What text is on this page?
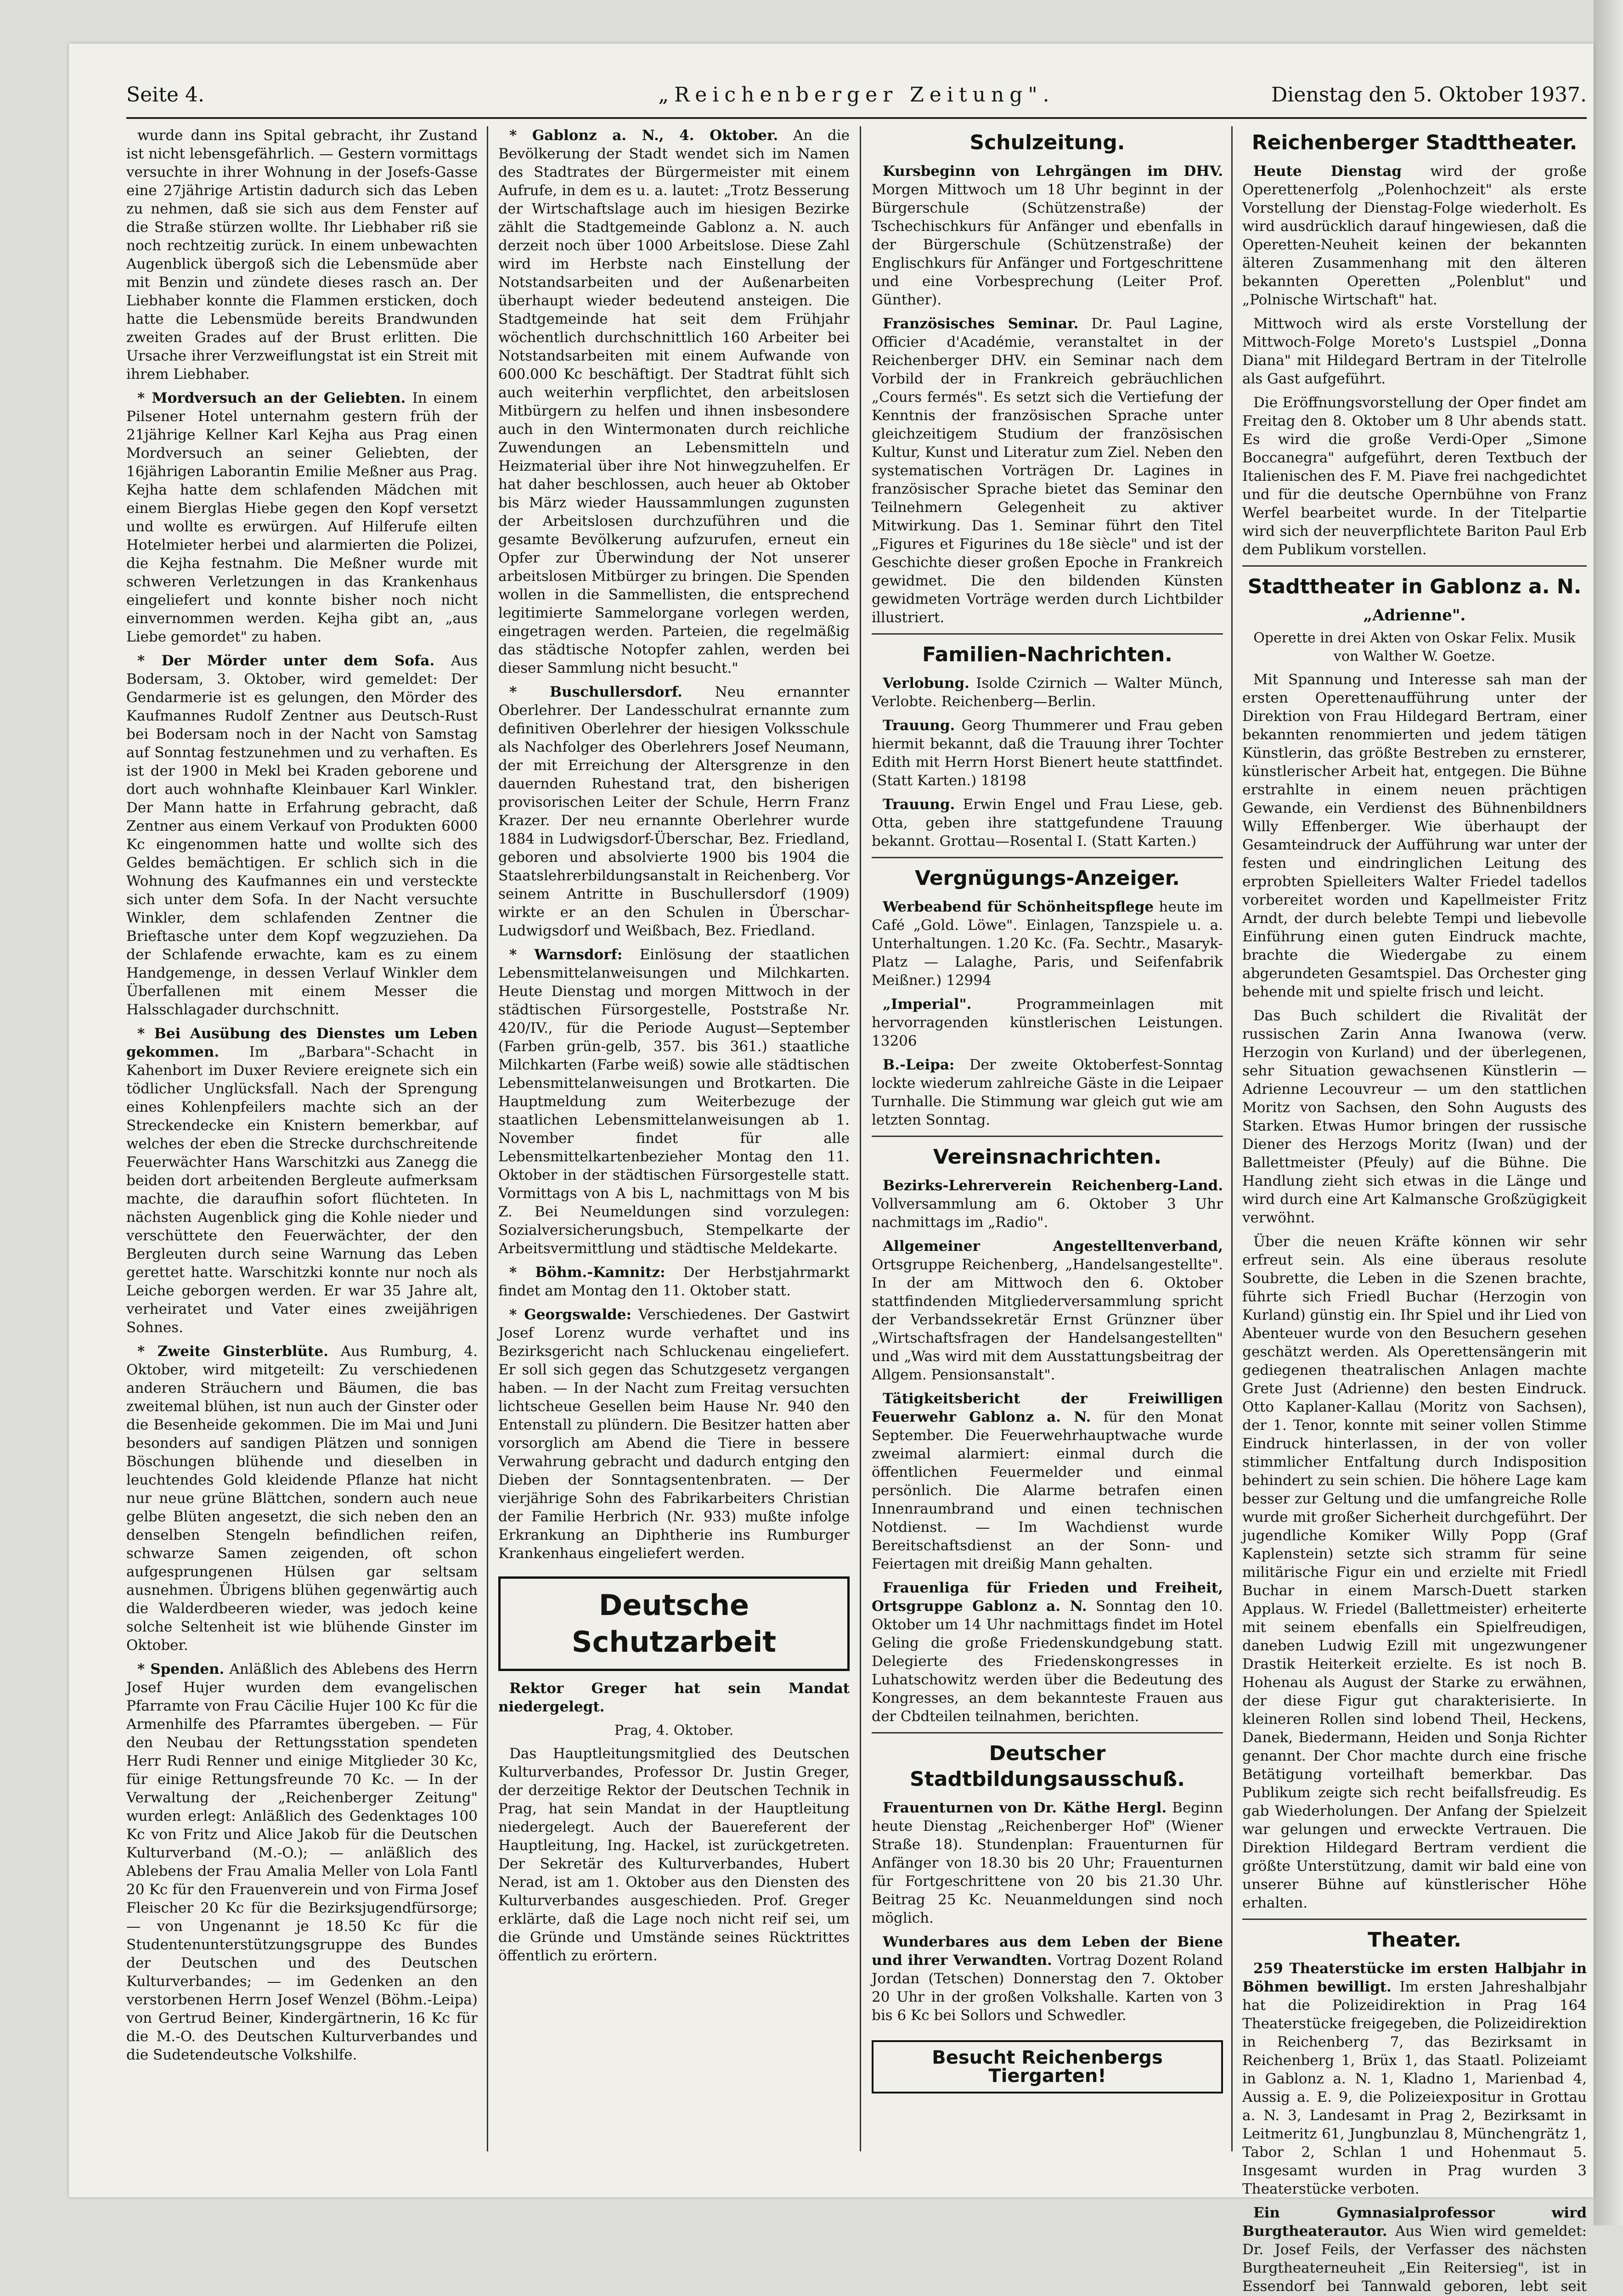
Seite 4.	„Reichenberger Zeitung".	Dienstag den 5. Oktober 1937.

wurde dann ins Spital gebracht, ihr Zustand ist nicht lebensgefährlich. — Gestern vormittags versuchte in ihrer Wohnung in der Josefs-Gasse eine 27jährige Artistin dadurch sich das Leben zu nehmen, daß sie sich aus dem Fenster auf die Straße stürzen wollte. Ihr Liebhaber riß sie noch rechtzeitig zurück. In einem unbewachten Augenblick übergoß sich die Lebensmüde aber mit Benzin und zündete dieses rasch an. Der Liebhaber konnte die Flammen ersticken, doch hatte die Lebensmüde bereits Brandwunden zweiten Grades auf der Brust erlitten. Die Ursache ihrer Verzweiflungstat ist ein Streit mit ihrem Liebhaber.

* Mordversuch an der Geliebten. In einem Pilsener Hotel unternahm gestern früh der 21jährige Kellner Karl Kejha aus Prag einen Mordversuch an seiner Geliebten, der 16jährigen Laborantin Emilie Meßner aus Prag. Kejha hatte dem schlafenden Mädchen mit einem Bierglas Hiebe gegen den Kopf versetzt und wollte es erwürgen. Auf Hilferufe eilten Hotelmieter herbei und alarmierten die Polizei, die Kejha festnahm. Die Meßner wurde mit schweren Verletzungen in das Krankenhaus eingeliefert und konnte bisher noch nicht einvernommen werden. Kejha gibt an, „aus Liebe gemordet" zu haben.

* Der Mörder unter dem Sofa. Aus Bodersam, 3. Oktober, wird gemeldet: Der Gendarmerie ist es gelungen, den Mörder des Kaufmannes Rudolf Zentner aus Deutsch-Rust bei Bodersam noch in der Nacht von Samstag auf Sonntag festzunehmen und zu verhaften. Es ist der 1900 in Mekl bei Kraden geborene und dort auch wohnhafte Kleinbauer Karl Winkler. Der Mann hatte in Erfahrung gebracht, daß Zentner aus einem Verkauf von Produkten 6000 Kc eingenommen hatte und wollte sich des Geldes bemächtigen. Er schlich sich in die Wohnung des Kaufmannes ein und versteckte sich unter dem Sofa. In der Nacht versuchte Winkler, dem schlafenden Zentner die Brieftasche unter dem Kopf wegzuziehen. Da der Schlafende erwachte, kam es zu einem Handgemenge, in dessen Verlauf Winkler dem Überfallenen mit einem Messer die Halsschlagader durchschnitt.

* Bei Ausübung des Dienstes um Leben gekommen. Im „Barbara"-Schacht in Kahenbort im Duxer Reviere ereignete sich ein tödlicher Unglücksfall. Nach der Sprengung eines Kohlenpfeilers machte sich an der Streckendecke ein Knistern bemerkbar, auf welches der eben die Strecke durchschreitende Feuerwächter Hans Warschitzki aus Zanegg die beiden dort arbeitenden Bergleute aufmerksam machte, die daraufhin sofort flüchteten. In nächsten Augenblick ging die Kohle nieder und verschüttete den Feuerwächter, der den Bergleuten durch seine Warnung das Leben gerettet hatte. Warschitzki konnte nur noch als Leiche geborgen werden. Er war 35 Jahre alt, verheiratet und Vater eines zweijährigen Sohnes.

* Zweite Ginsterblüte. Aus Rumburg, 4. Oktober, wird mitgeteilt: Zu verschiedenen anderen Sträuchern und Bäumen, die bas zweitemal blühen, ist nun auch der Ginster oder die Besenheide gekommen. Die im Mai und Juni besonders auf sandigen Plätzen und sonnigen Böschungen blühende und dieselben in leuchtendes Gold kleidende Pflanze hat nicht nur neue grüne Blättchen, sondern auch neue gelbe Blüten angesetzt, die sich neben den an denselben Stengeln befindlichen reifen, schwarze Samen zeigenden, oft schon aufgesprungenen Hülsen gar seltsam ausnehmen. Übrigens blühen gegenwärtig auch die Walderdbeeren wieder, was jedoch keine solche Seltenheit ist wie blühende Ginster im Oktober.

* Spenden. Anläßlich des Ablebens des Herrn Josef Hujer wurden dem evangelischen Pfarramte von Frau Cäcilie Hujer 100 Kc für die Armenhilfe des Pfarramtes übergeben. — Für den Neubau der Rettungsstation spendeten Herr Rudi Renner und einige Mitglieder 30 Kc, für einige Rettungsfreunde 70 Kc. — In der Verwaltung der „Reichenberger Zeitung" wurden erlegt: Anläßlich des Gedenktages 100 Kc von Fritz und Alice Jakob für die Deutschen Kulturverband (M.-O.); — anläßlich des Ablebens der Frau Amalia Meller von Lola Fantl 20 Kc für den Frauenverein und von Firma Josef Fleischer 20 Kc für die Bezirksjugendfürsorge; — von Ungenannt je 18.50 Kc für die Studentenunterstützungsgruppe des Bundes der Deutschen und des Deutschen Kulturverbandes; — im Gedenken an den verstorbenen Herrn Josef Wenzel (Böhm.-Leipa) von Gertrud Beiner, Kindergärtnerin, 16 Kc für die M.-O. des Deutschen Kulturverbandes und die Sudetendeutsche Volkshilfe.

* Gablonz a. N., 4. Oktober. An die Bevölkerung der Stadt wendet sich im Namen des Stadtrates der Bürgermeister mit einem Aufrufe, in dem es u. a. lautet: „Trotz Besserung der Wirtschaftslage auch im hiesigen Bezirke zählt die Stadtgemeinde Gablonz a. N. auch derzeit noch über 1000 Arbeitslose. Diese Zahl wird im Herbste nach Einstellung der Notstandsarbeiten und der Außenarbeiten überhaupt wieder bedeutend ansteigen. Die Stadtgemeinde hat seit dem Frühjahr wöchentlich durchschnittlich 160 Arbeiter bei Notstandsarbeiten mit einem Aufwande von 600.000 Kc beschäftigt. Der Stadtrat fühlt sich auch weiterhin verpflichtet, den arbeitslosen Mitbürgern zu helfen und ihnen insbesondere auch in den Wintermonaten durch reichliche Zuwendungen an Lebensmitteln und Heizmaterial über ihre Not hinwegzuhelfen. Er hat daher beschlossen, auch heuer ab Oktober bis März wieder Haussammlungen zugunsten der Arbeitslosen durchzuführen und die gesamte Bevölkerung aufzurufen, erneut ein Opfer zur Überwindung der Not unserer arbeitslosen Mitbürger zu bringen. Die Spenden wollen in die Sammellisten, die entsprechend legitimierte Sammelorgane vorlegen werden, eingetragen werden. Parteien, die regelmäßig das städtische Notopfer zahlen, werden bei dieser Sammlung nicht besucht."

* Buschullersdorf. Neu ernannter Oberlehrer. Der Landesschulrat ernannte zum definitiven Oberlehrer der hiesigen Volksschule als Nachfolger des Oberlehrers Josef Neumann, der mit Erreichung der Altersgrenze in den dauernden Ruhestand trat, den bisherigen provisorischen Leiter der Schule, Herrn Franz Krazer. Der neu ernannte Oberlehrer wurde 1884 in Ludwigsdorf-Überschar, Bez. Friedland, geboren und absolvierte 1900 bis 1904 die Staatslehrerbildungsanstalt in Reichenberg. Vor seinem Antritte in Buschullersdorf (1909) wirkte er an den Schulen in Überschar-Ludwigsdorf und Weißbach, Bez. Friedland.

* Warnsdorf: Einlösung der staatlichen Lebensmittelanweisungen und Milchkarten. Heute Dienstag und morgen Mittwoch in der städtischen Fürsorgestelle, Poststraße Nr. 420/IV., für die Periode August—September (Farben grün-gelb, 357. bis 361.) staatliche Milchkarten (Farbe weiß) sowie alle städtischen Lebensmittelanweisungen und Brotkarten. Die Hauptmeldung zum Weiterbezuge der staatlichen Lebensmittelanweisungen ab 1. November findet für alle Lebensmittelkartenbezieher Montag den 11. Oktober in der städtischen Fürsorgestelle statt. Vormittags von A bis L, nachmittags von M bis Z. Bei Neumeldungen sind vorzulegen: Sozialversicherungsbuch, Stempelkarte der Arbeitsvermittlung und städtische Meldekarte.

* Böhm.-Kamnitz: Der Herbstjahrmarkt findet am Montag den 11. Oktober statt.

* Georgswalde: Verschiedenes. Der Gastwirt Josef Lorenz wurde verhaftet und ins Bezirksgericht nach Schluckenau eingeliefert. Er soll sich gegen das Schutzgesetz vergangen haben. — In der Nacht zum Freitag versuchten lichtscheue Gesellen beim Hause Nr. 940 den Entenstall zu plündern. Die Besitzer hatten aber vorsorglich am Abend die Tiere in bessere Verwahrung gebracht und dadurch entging den Dieben der Sonntagsentenbraten. — Der vierjährige Sohn des Fabrikarbeiters Christian der Familie Herbrich (Nr. 933) mußte infolge Erkrankung an Diphtherie ins Rumburger Krankenhaus eingeliefert werden.

Deutsche Schutzarbeit

Rektor Greger hat sein Mandat niedergelegt.

Prag, 4. Oktober.

Das Hauptleitungsmitglied des Deutschen Kulturverbandes, Professor Dr. Justin Greger, der derzeitige Rektor der Deutschen Technik in Prag, hat sein Mandat in der Hauptleitung niedergelegt. Auch der Bauereferent der Hauptleitung, Ing. Hackel, ist zurückgetreten. Der Sekretär des Kulturverbandes, Hubert Nerad, ist am 1. Oktober aus den Diensten des Kulturverbandes ausgeschieden. Prof. Greger erklärte, daß die Lage noch nicht reif sei, um die Gründe und Umstände seines Rücktrittes öffentlich zu erörtern.

Schulzeitung.

Kursbeginn von Lehrgängen im DHV. Morgen Mittwoch um 18 Uhr beginnt in der Bürgerschule (Schützenstraße) der Tschechischkurs für Anfänger und ebenfalls in der Bürgerschule (Schützenstraße) der Englischkurs für Anfänger und Fortgeschrittene und eine Vorbesprechung (Leiter Prof. Günther).

Französisches Seminar. Dr. Paul Lagine, Officier d'Académie, veranstaltet in der Reichenberger DHV. ein Seminar nach dem Vorbild der in Frankreich gebräuchlichen „Cours fermés". Es setzt sich die Vertiefung der Kenntnis der französischen Sprache unter gleichzeitigem Studium der französischen Kultur, Kunst und Literatur zum Ziel. Neben den systematischen Vorträgen Dr. Lagines in französischer Sprache bietet das Seminar den Teilnehmern Gelegenheit zu aktiver Mitwirkung. Das 1. Seminar führt den Titel „Figures et Figurines du 18e siècle" und ist der Geschichte dieser großen Epoche in Frankreich gewidmet. Die den bildenden Künsten gewidmeten Vorträge werden durch Lichtbilder illustriert.

Familien-Nachrichten.

Verlobung. Isolde Czirnich — Walter Münch, Verlobte. Reichenberg—Berlin.

Trauung. Georg Thummerer und Frau geben hiermit bekannt, daß die Trauung ihrer Tochter Edith mit Herrn Horst Bienert heute stattfindet. (Statt Karten.) 18198

Trauung. Erwin Engel und Frau Liese, geb. Otta, geben ihre stattgefundene Trauung bekannt. Grottau—Rosental I. (Statt Karten.)

Vergnügungs-Anzeiger.

Werbeabend für Schönheitspflege heute im Café „Gold. Löwe". Einlagen, Tanzspiele u. a. Unterhaltungen. 1.20 Kc. (Fa. Sechtr., Masaryk-Platz — Lalaghe, Paris, und Seifenfabrik Meißner.) 12994

„Imperial".	Programmeinlagen mit hervorragenden künstlerischen Leistungen. 13206

B.-Leipa: Der zweite Oktoberfest-Sonntag lockte wiederum zahlreiche Gäste in die Leipaer Turnhalle. Die Stimmung war gleich gut wie am letzten Sonntag.

Vereinsnachrichten.

Bezirks-Lehrerverein Reichenberg-Land. Vollversammlung am 6. Oktober 3 Uhr nachmittags im „Radio".

Allgemeiner Angestelltenverband, Ortsgruppe Reichenberg, „Handelsangestellte". In der am Mittwoch den 6. Oktober stattfindenden Mitgliederversammlung spricht der Verbandssekretär Ernst Grünzner über „Wirtschaftsfragen der Handelsangestellten" und „Was wird mit dem Ausstattungsbeitrag der Allgem. Pensionsanstalt".

Tätigkeitsbericht der Freiwilligen Feuerwehr Gablonz a. N. für den Monat September. Die Feuerwehrhauptwache wurde zweimal alarmiert: einmal durch die öffentlichen Feuermelder und einmal persönlich. Die Alarme betrafen einen Innenraumbrand und einen technischen Notdienst. — Im Wachdienst wurde Bereitschaftsdienst an der Sonn- und Feiertagen mit dreißig Mann gehalten.

Frauenliga für Frieden und Freiheit, Ortsgruppe Gablonz a. N. Sonntag den 10. Oktober um 14 Uhr nachmittags findet im Hotel Geling die große Friedenskundgebung statt. Delegierte des Friedenskongresses in Luhatschowitz werden über die Bedeutung des Kongresses, an dem bekannteste Frauen aus der Cbdteilen teilnahmen, berichten.

Deutscher Stadtbildungsausschuß.

Frauenturnen von Dr. Käthe Hergl. Beginn heute Dienstag „Reichenberger Hof" (Wiener Straße 18). Stundenplan: Frauenturnen für Anfänger von 18.30 bis 20 Uhr; Frauenturnen für Fortgeschrittene von 20 bis 21.30 Uhr. Beitrag 25 Kc. Neuanmeldungen sind noch möglich.

Wunderbares aus dem Leben der Biene und ihrer Verwandten. Vortrag Dozent Roland Jordan (Tetschen) Donnerstag den 7. Oktober 20 Uhr in der großen Volkshalle. Karten von 3 bis 6 Kc bei Sollors und Schwedler.

Besucht Reichenbergs Tiergarten!
Reichenberger Stadttheater.

Heute Dienstag wird der große Operettenerfolg „Polenhochzeit" als erste Vorstellung der Dienstag-Folge wiederholt. Es wird ausdrücklich darauf hingewiesen, daß die Operetten-Neuheit keinen der bekannten älteren Zusammenhang mit den älteren bekannten Operetten „Polenblut" und „Polnische Wirtschaft" hat.

Mittwoch wird als erste Vorstellung der Mittwoch-Folge Moreto's Lustspiel „Donna Diana" mit Hildegard Bertram in der Titelrolle als Gast aufgeführt.

Die Eröffnungsvorstellung der Oper findet am Freitag den 8. Oktober um 8 Uhr abends statt. Es wird die große Verdi-Oper „Simone Boccanegra" aufgeführt, deren Textbuch der Italienischen des F. M. Piave frei nachgedichtet und für die deutsche Opernbühne von Franz Werfel bearbeitet wurde. In der Titelpartie wird sich der neuverpflichtete Bariton Paul Erb dem Publikum vorstellen.

Stadttheater in Gablonz a. N.
„Adrienne".
Operette in drei Akten von Oskar Felix. Musik von Walther W. Goetze.

Mit Spannung und Interesse sah man der ersten Operettenaufführung unter der Direktion von Frau Hildegard Bertram, einer bekannten renommierten und jedem tätigen Künstlerin, das größte Bestreben zu ernsterer, künstlerischer Arbeit hat, entgegen. Die Bühne erstrahlte in einem neuen prächtigen Gewande, ein Verdienst des Bühnenbildners Willy Effenberger. Wie überhaupt der Gesamteindruck der Aufführung war unter der festen und eindringlichen Leitung des erprobten Spielleiters Walter Friedel tadellos vorbereitet worden und Kapellmeister Fritz Arndt, der durch belebte Tempi und liebevolle Einführung einen guten Eindruck machte, brachte die Wiedergabe zu einem abgerundeten Gesamtspiel. Das Orchester ging behende mit und spielte frisch und leicht.

Das Buch schildert die Rivalität der russischen Zarin Anna Iwanowa (verw. Herzogin von Kurland) und der überlegenen, sehr Situation gewachsenen Künstlerin — Adrienne Lecouvreur — um den stattlichen Moritz von Sachsen, den Sohn Augusts des Starken. Etwas Humor bringen der russische Diener des Herzogs Moritz (Iwan) und der Ballettmeister (Pfeuly) auf die Bühne. Die Handlung zieht sich etwas in die Länge und wird durch eine Art Kalmansche Großzügigkeit verwöhnt.

Über die neuen Kräfte können wir sehr erfreut sein. Als eine überaus resolute Soubrette, die Leben in die Szenen brachte, führte sich Friedl Buchar (Herzogin von Kurland) günstig ein. Ihr Spiel und ihr Lied von Abenteuer wurde von den Besuchern gesehen geschätzt werden. Als Operettensängerin mit gediegenen theatralischen Anlagen machte Grete Just (Adrienne) den besten Eindruck. Otto Kaplaner-Kallau (Moritz von Sachsen), der 1. Tenor, konnte mit seiner vollen Stimme Eindruck hinterlassen, in der von voller stimmlicher Entfaltung durch Indisposition behindert zu sein schien. Die höhere Lage kam besser zur Geltung und die umfangreiche Rolle wurde mit großer Sicherheit durchgeführt. Der jugendliche Komiker Willy Popp (Graf Kaplenstein) setzte sich stramm für seine militärische Figur ein und erzielte mit Friedl Buchar in einem Marsch-Duett starken Applaus. W. Friedel (Ballettmeister) erheiterte mit seinem ebenfalls ein Spielfreudigen, daneben Ludwig Ezill mit ungezwungener Drastik Heiterkeit erzielte. Es ist noch B. Hohenau als August der Starke zu erwähnen, der diese Figur gut charakterisierte. In kleineren Rollen sind lobend Theil, Heckens, Danek, Biedermann, Heiden und Sonja Richter genannt. Der Chor machte durch eine frische Betätigung vorteilhaft bemerkbar. Das Publikum zeigte sich recht beifallsfreudig. Es gab Wiederholungen. Der Anfang der Spielzeit war gelungen und erweckte Vertrauen. Die Direktion Hildegard Bertram verdient die größte Unterstützung, damit wir bald eine von unserer Bühne auf künstlerischer Höhe erhalten.

Theater.

259 Theaterstücke im ersten Halbjahr in Böhmen bewilligt. Im ersten Jahreshalbjahr hat die Polizeidirektion in Prag 164 Theaterstücke freigegeben, die Polizeidirektion in Reichenberg 7, das Bezirksamt in Reichenberg 1, Brüx 1, das Staatl. Polizeiamt in Gablonz a. N. 1, Kladno 1, Marienbad 4, Aussig a. E. 9, die Polizeiexpositur in Grottau a. N. 3, Landesamt in Prag 2, Bezirksamt in Leitmeritz 61, Jungbunzlau 8, Münchengrätz 1, Tabor 2, Schlan 1 und Hohenmaut 5. Insgesamt wurden in Prag wurden 3 Theaterstücke verboten.

Ein Gymnasialprofessor wird Burgtheaterautor. Aus Wien wird gemeldet: Dr. Josef Feils, der Verfasser des nächsten Burgtheaterneuheit „Ein Reitersieg", ist in Essendorf bei Tannwald geboren, lebt seit
